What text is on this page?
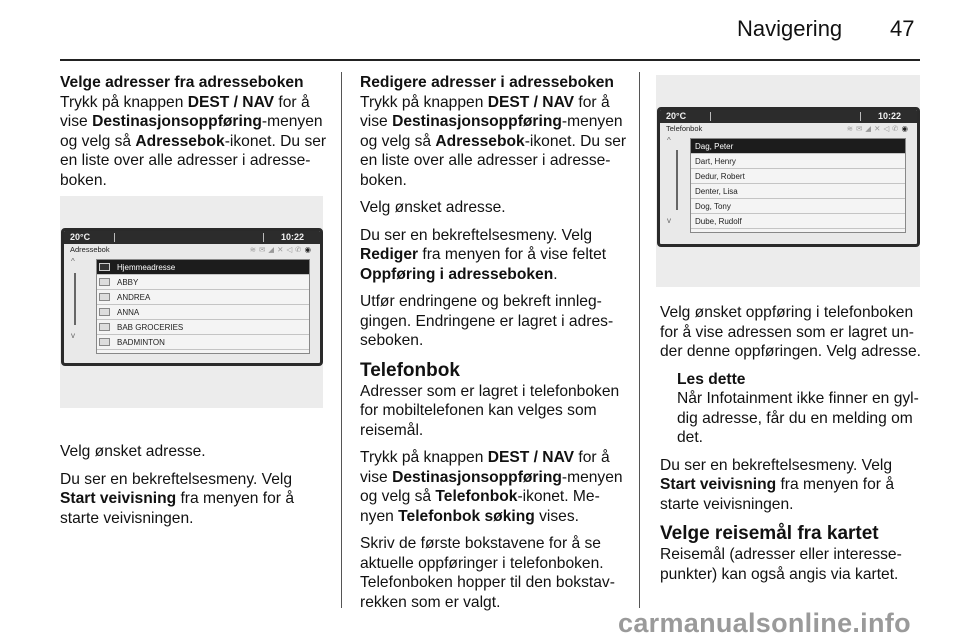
Navigering 47
Velge adresser fra adresseboken

Trykk på knappen DEST / NAV for å vise Destinasjonsoppføring-menyen og velg så Adressebok-ikonet. Du ser en liste over alle adresser i adresseboken.

Velg ønsket adresse.

Du ser en bekreftelsesmeny. Velg Start veivisning fra menyen for å starte veivisningen.

20°C	10:22
Adressebok	≋✉◢✕◁✆◉
^
v
Hjemmeadresse
ABBY
ANDREA
ANNA
BAB GROCERIES
BADMINTON
Redigere adresser i adresseboken

Trykk på knappen DEST / NAV for å vise Destinasjonsoppføring-menyen og velg så Adressebok-ikonet. Du ser en liste over alle adresser i adresseboken.

Velg ønsket adresse.

Du ser en bekreftelsesmeny. Velg Rediger fra menyen for å vise feltet Oppføring i adresseboken.

Utfør endringene og bekreft innleggingen. Endringene er lagret i adresseboken.

Telefonbok

Adresser som er lagret i telefonboken for mobiltelefonen kan velges som reisemål.

Trykk på knappen DEST / NAV for å vise Destinasjonsoppføring-menyen og velg så Telefonbok-ikonet. Menyen Telefonbok søking vises.

Skriv de første bokstavene for å se aktuelle oppføringer i telefonboken. Telefonboken hopper til den bokstavrekken som er valgt.

20°C	10:22
Telefonbok	≋✉◢✕◁✆◉
^
v
Dag, Peter
Dart, Henry
Dedur, Robert
Denter, Lisa
Dog, Tony
Dube, Rudolf

Velg ønsket oppføring i telefonboken for å vise adressen som er lagret under denne oppføringen. Velg adresse.

Les dette

Når Infotainment ikke finner en gyldig adresse, får du en melding om det.

Du ser en bekreftelsesmeny. Velg Start veivisning fra menyen for å starte veivisningen.

Velge reisemål fra kartet

Reisemål (adresser eller interessepunkter) kan også angis via kartet.

carmanualsonline.info
